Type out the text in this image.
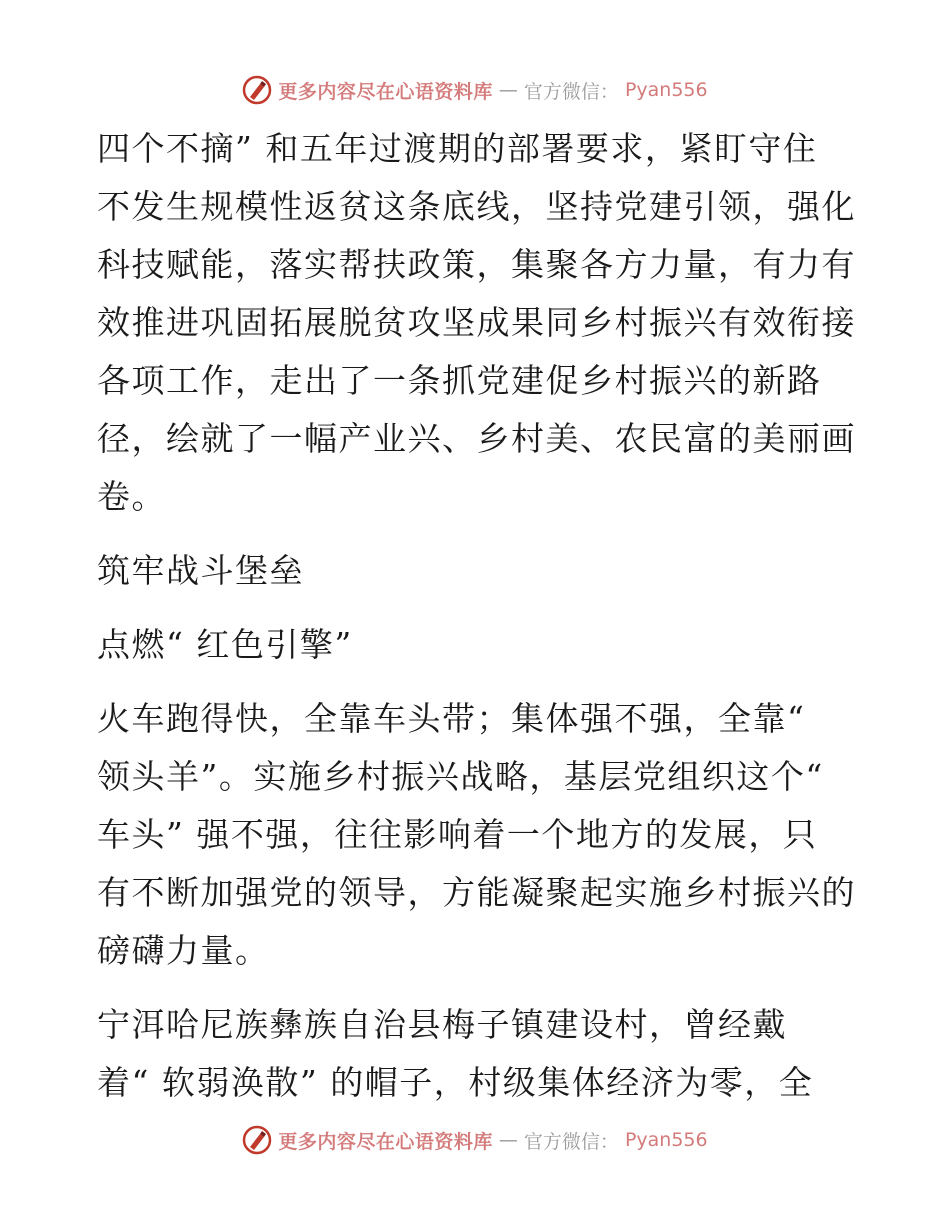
更多内容尽在心语资料库 — 官方微信： Pyan556

四个不摘” 和五年过渡期的部署要求，紧盯守住
不发生规模性返贫这条底线，坚持党建引领，强化
科技赋能，落实帮扶政策，集聚各方力量，有力有
效推进巩固拓展脱贫攻坚成果同乡村振兴有效衔接
各项工作，走出了一条抓党建促乡村振兴的新路
径，绘就了一幅产业兴、乡村美、农民富的美丽画
卷。

筑牢战斗堡垒

点燃“ 红色引擎”

火车跑得快，全靠车头带；集体强不强，全靠“
领头羊”。实施乡村振兴战略，基层党组织这个“
车头” 强不强，往往影响着一个地方的发展，只
有不断加强党的领导，方能凝聚起实施乡村振兴的
磅礴力量。

宁洱哈尼族彝族自治县梅子镇建设村，曾经戴
着“ 软弱涣散” 的帽子，村级集体经济为零，全

更多内容尽在心语资料库 — 官方微信： Pyan556
